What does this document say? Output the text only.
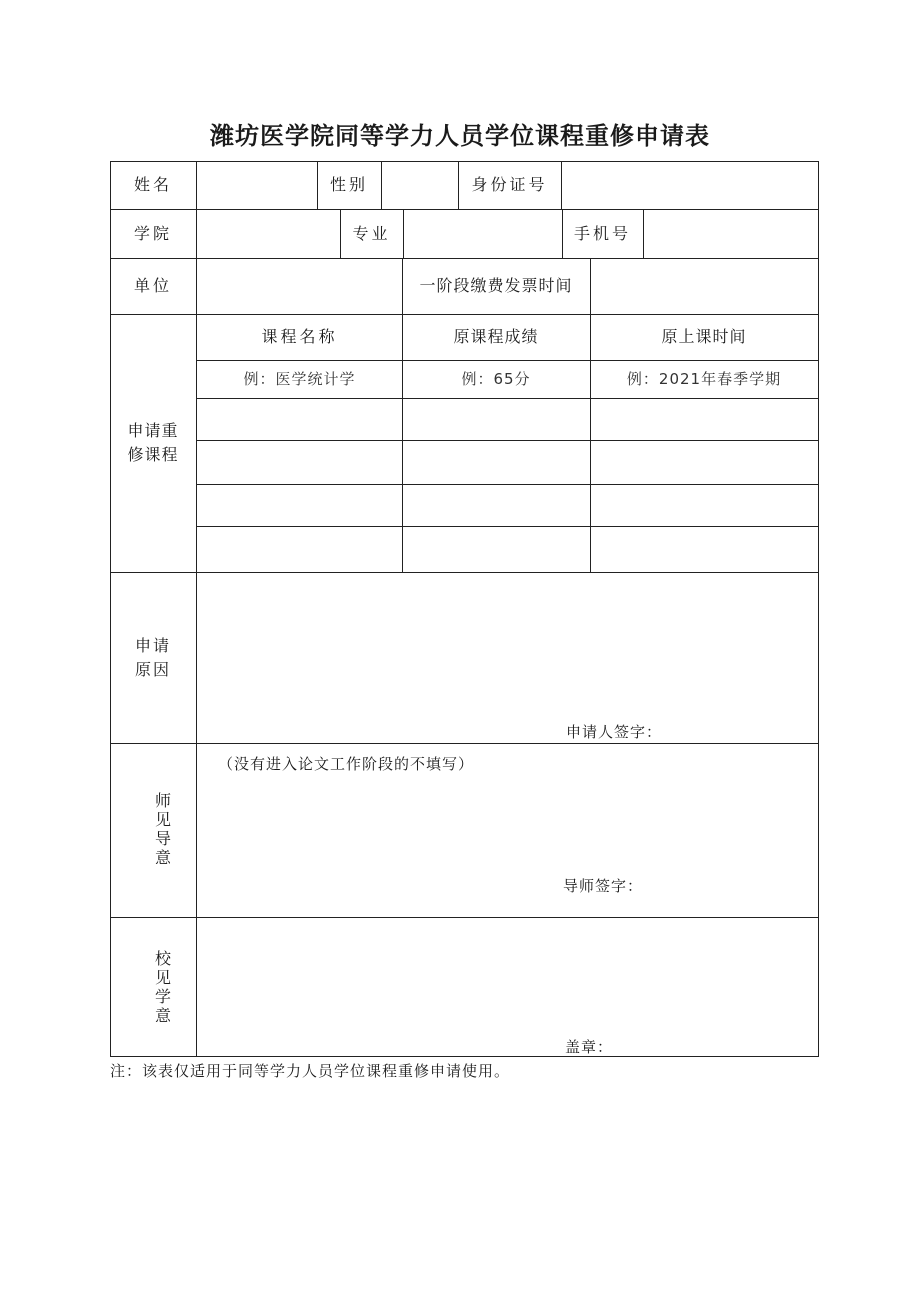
潍坊医学院同等学力人员学位课程重修申请表
姓名	性别	身份证号
学院	专业	手机号
单位	一阶段缴费发票时间
申请重修课程
课程名称	原课程成绩	原上课时间
例：医学统计学	例：65分	例：2021年春季学期
申请原因
申请人签字：
师见导意
（没有进入论文工作阶段的不填写）
导师签字：
校见学意
盖章：
注：该表仅适用于同等学力人员学位课程重修申请使用。
